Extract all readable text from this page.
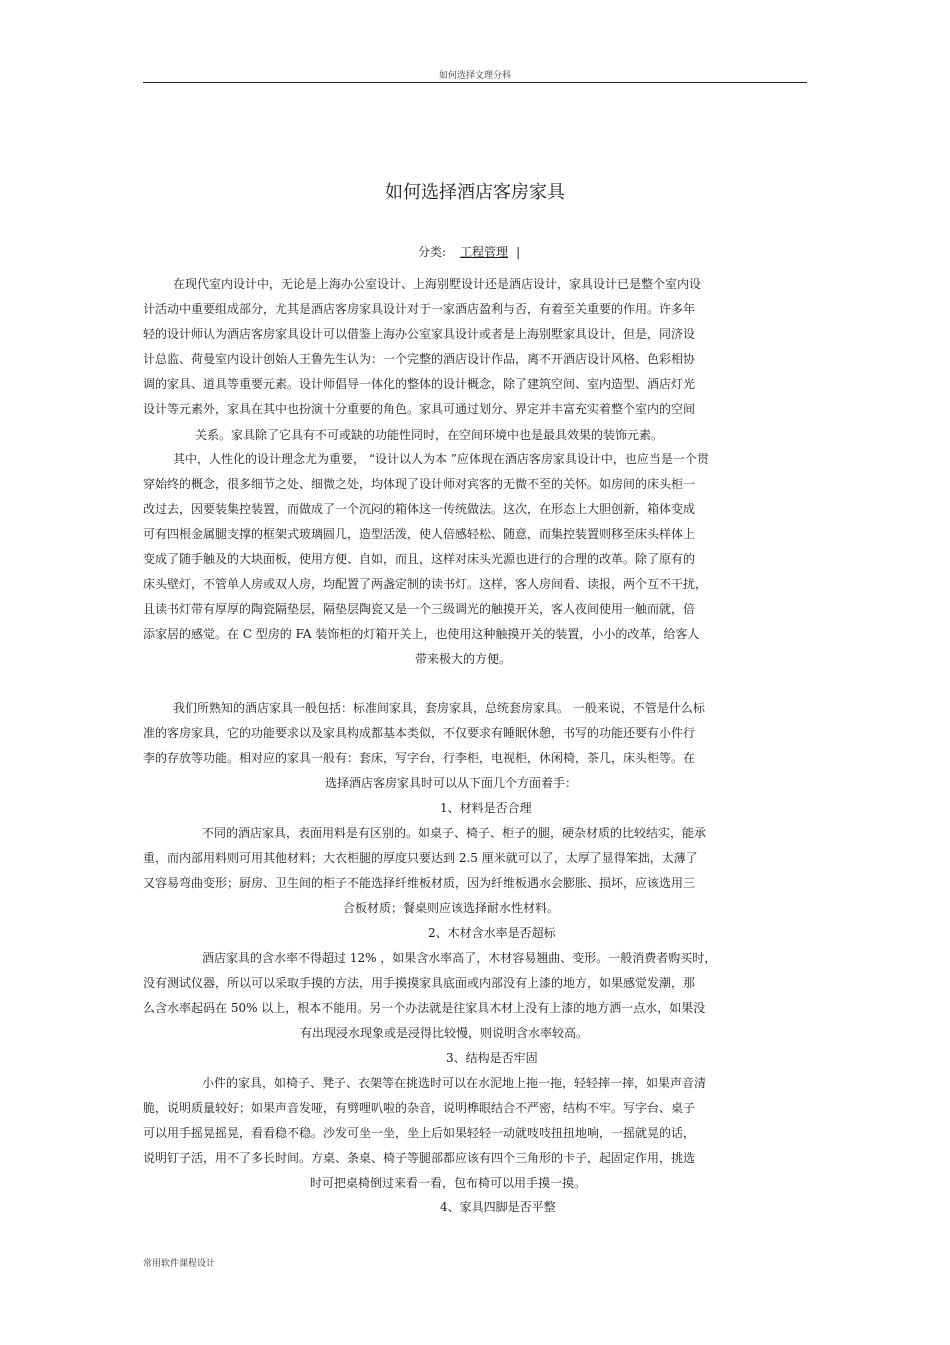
如何选择文理分科
如何选择酒店客房家具
分类: 工程管理 |
在现代室内设计中，无论是上海办公室设计、上海别墅设计还是酒店设计，家具设计已是整个室内设
计活动中重要组成部分，尤其是酒店客房家具设计对于一家酒店盈利与否，有着至关重要的作用。许多年
轻的设计师认为酒店客房家具设计可以借鉴上海办公室家具设计或者是上海别墅家具设计，但是，同济设
计总监、荷曼室内设计创始人王鲁先生认为：一个完整的酒店设计作品，离不开酒店设计风格、色彩相协
调的家具、道具等重要元素。设计师倡导一体化的整体的设计概念，除了建筑空间、室内造型、酒店灯光
设计等元素外，家具在其中也扮演十分重要的角色。家具可通过划分、界定并丰富充实着整个室内的空间
关系。家具除了它具有不可或缺的功能性同时，在空间环境中也是最具效果的装饰元素。
其中，人性化的设计理念尤为重要， “设计以人为本 ”应体现在酒店客房家具设计中，也应当是一个贯
穿始终的概念，很多细节之处、细微之处，均体现了设计师对宾客的无微不至的关怀。如房间的床头柜一
改过去，因要装集控装置，而做成了一个沉闷的箱体这一传统做法。这次，在形态上大胆创新，箱体变成
可有四根金属腿支撑的框架式玻璃圆几，造型活泼，使人倍感轻松、随意，而集控装置则移至床头样体上
变成了随手触及的大块面板，使用方便、自如，而且，这样对床头光源也进行的合理的改革。除了原有的
床头壁灯，不管单人房或双人房，均配置了两盏定制的读书灯。这样，客人房间看、读报，两个互不干扰，
且读书灯带有厚厚的陶瓷隔垫层，隔垫层陶瓷又是一个三级调光的触摸开关，客人夜间使用一触而就，倍
添家居的感觉。在 C 型房的 FA 装饰柜的灯箱开关上，也使用这种触摸开关的装置，小小的改革，给客人
带来极大的方便。
我们所熟知的酒店家具一般包括：标准间家具，套房家具，总统套房家具。 一般来说，不管是什么标
准的客房家具，它的功能要求以及家具构成都基本类似，不仅要求有睡眠休憩，书写的功能还要有小件行
李的存放等功能。相对应的家具一般有：套床，写字台，行李柜，电视柜，休闲椅，茶几，床头柜等。在
选择酒店客房家具时可以从下面几个方面着手：
1、材料是否合理
不同的酒店家具，表面用料是有区别的。如桌子、椅子、柜子的腿，硬杂材质的比较结实，能承
重，而内部用料则可用其他材料；大衣柜腿的厚度只要达到 2.5 厘米就可以了，太厚了显得笨拙，太薄了
又容易弯曲变形；厨房、卫生间的柜子不能选择纤维板材质，因为纤维板遇水会膨胀、损坏，应该选用三
合板材质；餐桌则应该选择耐水性材料。
2、木材含水率是否超标
酒店家具的含水率不得超过 12% ，如果含水率高了，木材容易翘曲、变形。一般消费者购买时，
没有测试仪器，所以可以采取手摸的方法，用手摸摸家具底面或内部没有上漆的地方，如果感觉发潮，那
么含水率起码在 50% 以上，根本不能用。另一个办法就是往家具木材上没有上漆的地方洒一点水，如果没
有出现浸水现象或是浸得比较慢，则说明含水率较高。
3、结构是否牢固
小件的家具，如椅子、凳子、衣架等在挑选时可以在水泥地上拖一拖，轻轻摔一摔，如果声音清
脆，说明质量较好；如果声音发哑，有劈哩叭啦的杂音，说明榫眼结合不严密，结构不牢。写字台、桌子
可以用手摇晃摇晃，看看稳不稳。沙发可坐一坐，坐上后如果轻轻一动就吱吱扭扭地响，一摇就晃的话，
说明钉子活，用不了多长时间。方桌、条桌、椅子等腿部都应该有四个三角形的卡子，起固定作用，挑选
时可把桌椅倒过来看一看，包布椅可以用手摸一摸。
4、家具四脚是否平整
常用软件课程设计
